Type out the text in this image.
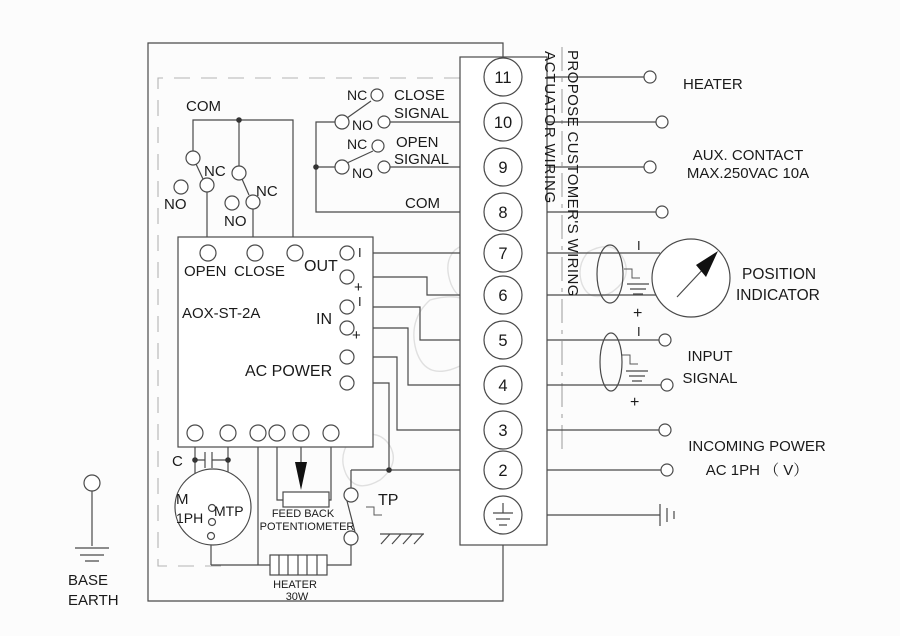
11
10
9
8
7
6
5
4
3
2
COM
NC
NO
NC
NO
NC
NO
CLOSE
SIGNAL
NC
NO
OPEN
SIGNAL
COM
OPEN CLOSE
AOX-ST-2A
OUT
IN
AC POWER
I
+
I
+
C
M
1PH MTP	FEED BACK
POTENTIOMETER
TP
HEATER
30W
BASE
EARTH
ACTUATOR WIRING PROPOSE CUSTOMER'S WIRING	HEATER
AUX. CONTACT
MAX.250VAC 10A
I
+
POSITION
INDICATOR
I
+
INPUT
SIGNAL
INCOMING POWER
AC 1PH （ V）
